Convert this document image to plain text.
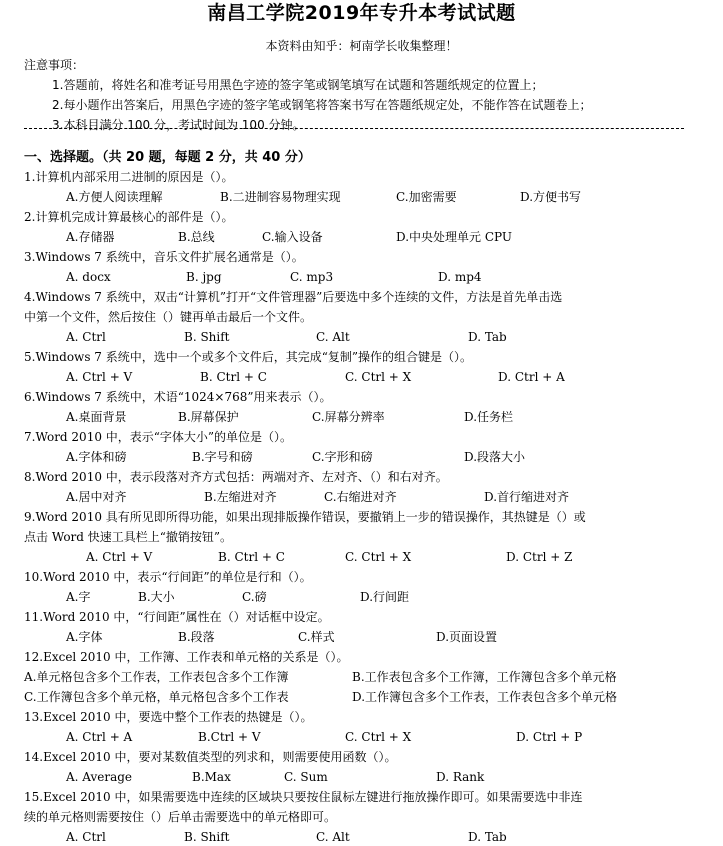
南昌工学院2019年专升本考试试题
本资料由知乎：柯南学长收集整理！
注意事项：
1.答题前，将姓名和准考证号用黑色字迹的签字笔或钢笔填写在试题和答题纸规定的位置上；
2.每小题作出答案后，用黑色字迹的签字笔或钢笔将答案书写在答题纸规定处，不能作答在试题卷上；
3.本科目满分 100 分，考试时间为 100 分钟。
一、选择题。（共 20 题，每题 2 分，共 40 分）
1.计算机内部采用二进制的原因是（）。
A.方便人阅读理解	B.二进制容易物理实现	C.加密需要	D.方便书写
2.计算机完成计算最核心的部件是（）。
A.存储器	B.总线	C.输入设备	D.中央处理单元 CPU
3.Windows 7 系统中，音乐文件扩展名通常是（）。
A. docx	B. jpg	C. mp3	D. mp4
4.Windows 7 系统中，双击“计算机”打开“文件管理器”后要选中多个连续的文件，方法是首先单击选
中第一个文件，然后按住（）键再单击最后一个文件。
A. Ctrl	B. Shift	C. Alt	D. Tab
5.Windows 7 系统中，选中一个或多个文件后，其完成“复制”操作的组合键是（）。
A. Ctrl + V	B. Ctrl + C	C. Ctrl + X	D. Ctrl + A
6.Windows 7 系统中，术语“1024×768”用来表示（）。
A.桌面背景	B.屏幕保护	C.屏幕分辨率	D.任务栏
7.Word 2010 中，表示“字体大小”的单位是（）。
A.字体和磅	B.字号和磅	C.字形和磅	D.段落大小
8.Word 2010 中，表示段落对齐方式包括：两端对齐、左对齐、（）和右对齐。
A.居中对齐	B.左缩进对齐	C.右缩进对齐	D.首行缩进对齐
9.Word 2010 具有所见即所得功能，如果出现排版操作错误，要撤销上一步的错误操作，其热键是（）或
点击 Word 快速工具栏上“撤销按钮”。
A. Ctrl + V	B. Ctrl + C	C. Ctrl + X	D. Ctrl + Z
10.Word 2010 中，表示“行间距”的单位是行和（）。
A.字	B.大小	C.磅	D.行间距
11.Word 2010 中，“行间距”属性在（）对话框中设定。
A.字体	B.段落	C.样式	D.页面设置
12.Excel 2010 中，工作簿、工作表和单元格的关系是（）。
A.单元格包含多个工作表，工作表包含多个工作簿	B.工作表包含多个工作簿，工作簿包含多个单元格
C.工作簿包含多个单元格，单元格包含多个工作表	D.工作簿包含多个工作表，工作表包含多个单元格
13.Excel 2010 中，要选中整个工作表的热键是（）。
A. Ctrl + A	B.Ctrl + V	C. Ctrl + X	D. Ctrl + P
14.Excel 2010 中，要对某数值类型的列求和，则需要使用函数（）。
A. Average	B.Max	C. Sum	D. Rank
15.Excel 2010 中，如果需要选中连续的区域块只要按住鼠标左键进行拖放操作即可。如果需要选中非连
续的单元格则需要按住（）后单击需要选中的单元格即可。
A. Ctrl	B. Shift	C. Alt	D. Tab
